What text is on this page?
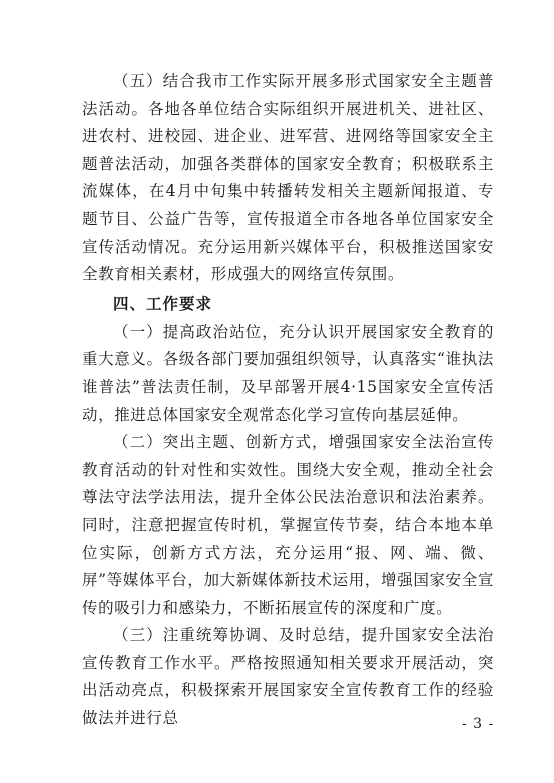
（五）结合我市工作实际开展多形式国家安全主题普法活动。各地各单位结合实际组织开展进机关、进社区、进农村、进校园、进企业、进军营、进网络等国家安全主题普法活动，加强各类群体的国家安全教育；积极联系主流媒体，在4月中旬集中转播转发相关主题新闻报道、专题节目、公益广告等，宣传报道全市各地各单位国家安全宣传活动情况。充分运用新兴媒体平台，积极推送国家安全教育相关素材，形成强大的网络宣传氛围。

四、工作要求

（一）提高政治站位，充分认识开展国家安全教育的重大意义。各级各部门要加强组织领导，认真落实“谁执法谁普法”普法责任制，及早部署开展4·15国家安全宣传活动，推进总体国家安全观常态化学习宣传向基层延伸。

（二）突出主题、创新方式，增强国家安全法治宣传教育活动的针对性和实效性。围绕大安全观，推动全社会尊法守法学法用法，提升全体公民法治意识和法治素养。同时，注意把握宣传时机，掌握宣传节奏，结合本地本单位实际，创新方式方法，充分运用“报、网、端、微、屏”等媒体平台，加大新媒体新技术运用，增强国家安全宣传的吸引力和感染力，不断拓展宣传的深度和广度。

（三）注重统筹协调、及时总结，提升国家安全法治宣传教育工作水平。严格按照通知相关要求开展活动，突出活动亮点，积极探索开展国家安全宣传教育工作的经验做法并进行总	- 3 -
